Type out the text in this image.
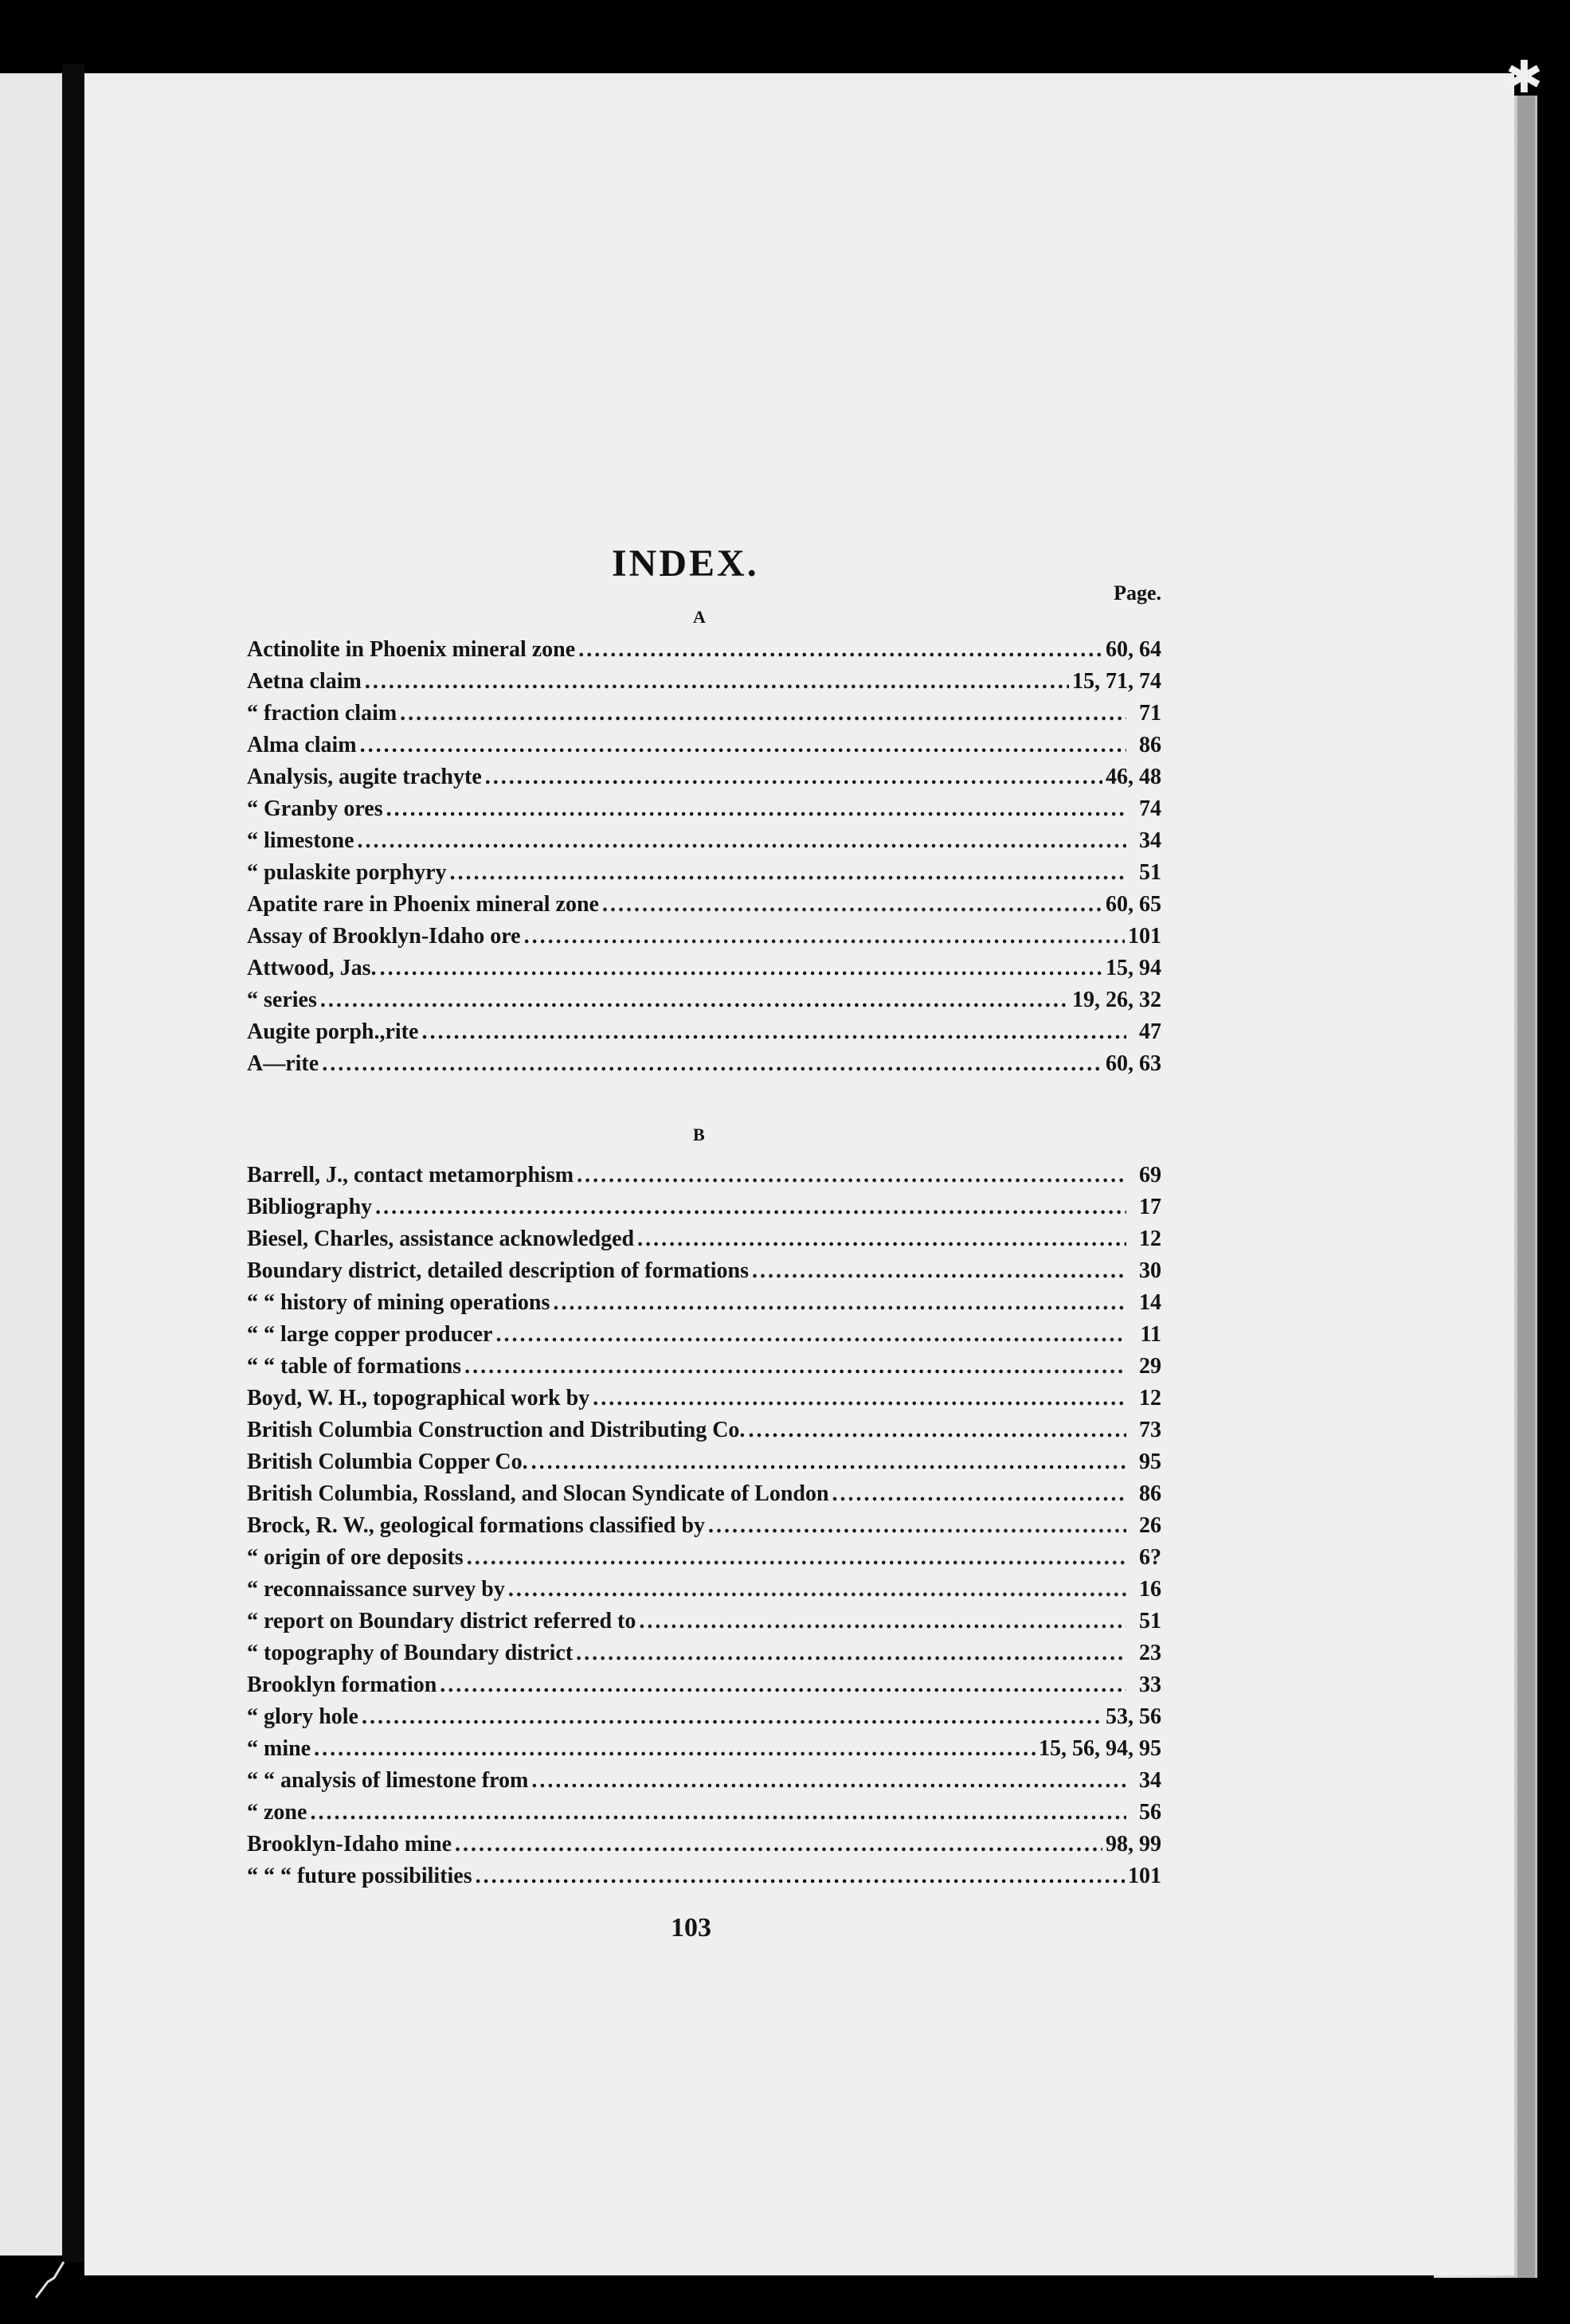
✱
INDEX.
Page.
A
Actinolite in Phoenix mineral zone .....	60, 64
Aetna claim .....	15, 71, 74
“ fraction claim .....	71
Alma claim .....	86
Analysis, augite trachyte .....	46, 48
“ Granby ores .....	74
“ limestone .....	34
“ pulaskite porphyry .....	51
Apatite rare in Phoenix mineral zone .....	60, 65
Assay of Brooklyn-Idaho ore .....	101
Attwood, Jas. .....	15, 94
“ series .....	19, 26, 32
Augite porph.,rite .....	47
A––rite .....	60, 63
B
Barrell, J., contact metamorphism .....	69
Bibliography .....	17
Biesel, Charles, assistance acknowledged .....	12
Boundary district, detailed description of formations .....	30
“ “ history of mining operations .....	14
“ “ large copper producer .....	11
“ “ table of formations .....	29
Boyd, W. H., topographical work by .....	12
British Columbia Construction and Distributing Co. .....	73
British Columbia Copper Co. .....	95
British Columbia, Rossland, and Slocan Syndicate of London .....	86
Brock, R. W., geological formations classified by .....	26
“ origin of ore deposits .....	6?
“ reconnaissance survey by .....	16
“ report on Boundary district referred to .....	51
“ topography of Boundary district .....	23
Brooklyn formation .....	33
“ glory hole .....	53, 56
“ mine .....	15, 56, 94, 95
“ “ analysis of limestone from .....	34
“ zone .....	56
Brooklyn-Idaho mine .....	98, 99
“ “ “ future possibilities .....	101
103
